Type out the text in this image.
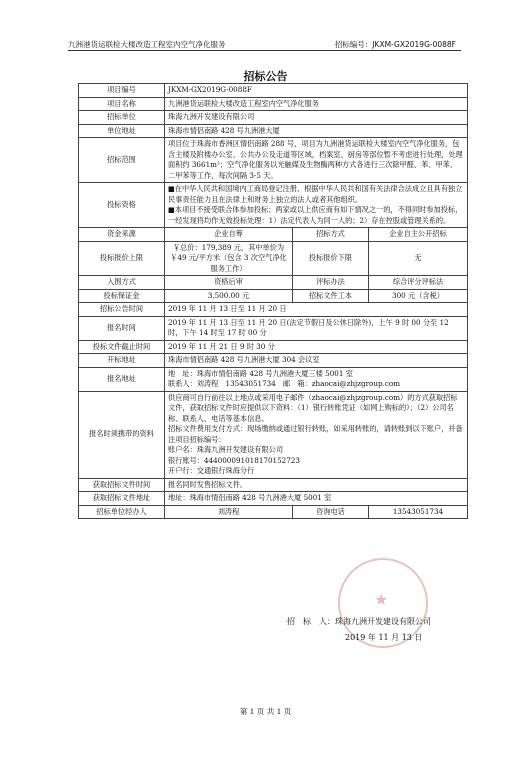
九洲港货运联检大楼改造工程室内空气净化服务	招标编号：JKXM-GX2019G-0088F
招标公告
项目编号	JKXM-GX2019G-0088F		
项目名称	九洲港货运联检大楼改造工程室内空气净化服务		
招标单位	珠海九洲开发建设有限公司		
单位地址	珠海市情侣南路 428 号九洲港大厦		
招标范围	项目位于珠海市香洲区情侣南路 288 号，项目为九洲港货运联检大楼室内空气净化服务，包含主楼及附楼办公室、公共办公及走道等区域，档案室、厨房等部位暂不考虑进行处理，处理面积约 3661m²；空气净化服务以光触媒及生物酶两种方式各进行三次除甲醛、苯、甲苯、二甲苯等工作，每次间隔 3-5 天。		
投标资格	■在中华人民共和国境内工商局登记注册、根据中华人民共和国有关法律合法成立且具有独立民事责任能力且在法律上和财务上独立的法人或者其他组织。
■本项目不接受联合体参加投标；两家或以上供应商有如下情况之一的，不得同时参加投标，一经发现将均作无效投标处理：1）法定代表人为同一人的；2）存在控股或管理关系的。		
资金来源	企业自筹	招标方式	企业自主公开招标
投标报价上限	￥总价：179,389 元，其中单价为￥49 元/平方米（包含 3 次空气净化服务工作）	投标报价下限	无
入围方式	资格后审	评标办法	综合评分评标法
投标保证金	3,500.00 元	招标文件工本	300 元（含税）
招标公告时间	2019 年 11 月 13 日至 11 月 20 日		
报名时间	2019 年 11 月 13 日至 11 月 20 日(法定节假日及公休日除外)，上午 9 时 00 分至 12 时，下午 14 时至 17 时 00 分		
投标文件截止时间	2019 年 11 月 21 日 9 时 30 分		
开标地址	珠海市情侣南路 428 号九洲港大厦 304 会议室		
报名地址	地　址：珠海市情侣南路 428 号九洲港大厦三楼 5001 室
联系人：刘涛程　13543051734　邮　箱：zhaocai@zhjzgroup.com		
报名时须携带的资料	供应商可自行前往以上地点或采用电子邮件（zhaocai@zhjzgroup.com）的方式获取招标文件，获取招标文件时应提供以下资料：（1）银行转账凭证（如网上购标的）；（2）公司名称、联系人、电话等基本信息。
招标文件费用支付方式：现场缴纳或通过银行转账，如采用转账的，请转账到以下账户，并备注项目招标编号：
账户名：珠海九洲开发建设有限公司
银行账号：44400009101817015272​3
开户行：交通银行珠海分行		
获取招标文件时间	报名同时发售招标文件。		
获取招标文件地址	地址：珠海市情侣南路 428 号九洲港大厦 5001 室		
招标单位经办人	刘涛程	咨询电话	13543051734
★
招　标　人：珠海九洲开发建设有限公司
2019 年 11 月 13 日
第 1 页 共 1 页
